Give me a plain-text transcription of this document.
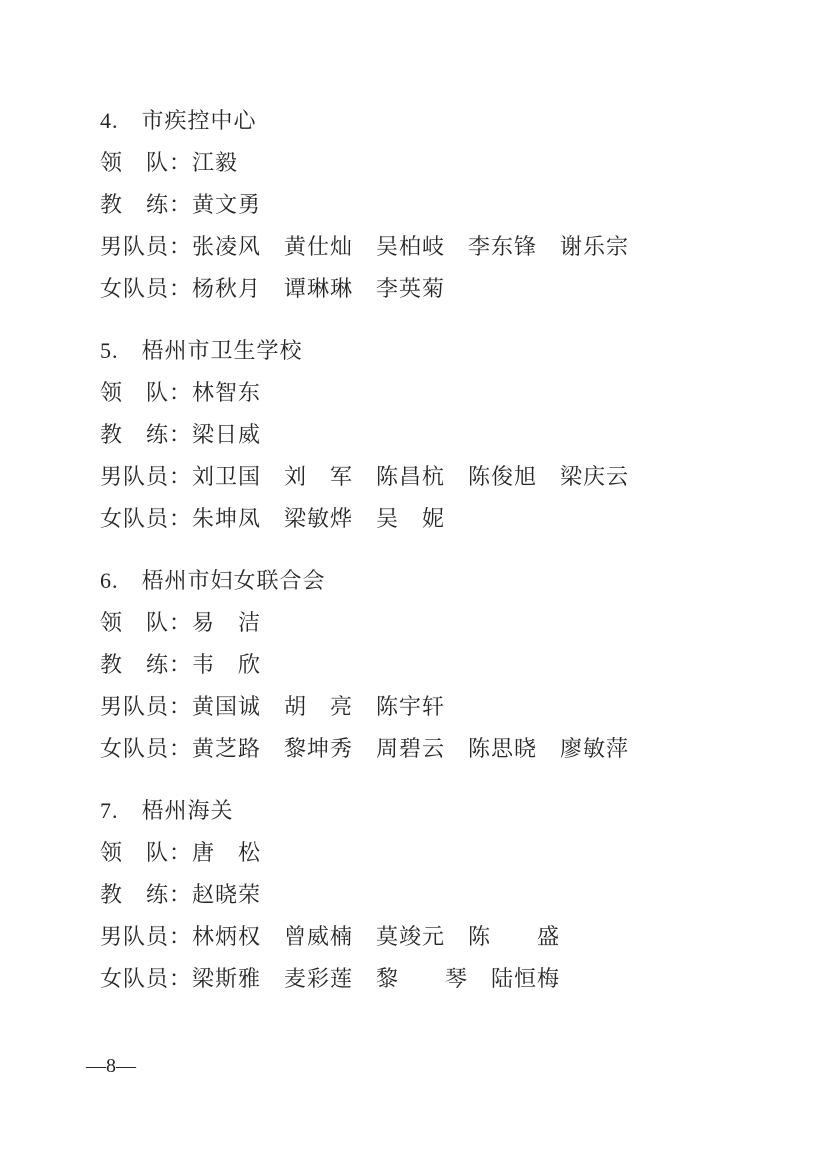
4.　市疾控中心

领　队：江毅

教　练：黄文勇

男队员：张凌风　黄仕灿　吴柏岐　李东锋　谢乐宗

女队员：杨秋月　谭琳琳　李英菊

5.　梧州市卫生学校

领　队：林智东

教　练：梁日威

男队员：刘卫国　刘　军　陈昌杭　陈俊旭　梁庆云

女队员：朱坤凤　梁敏烨　吴　妮

6.　梧州市妇女联合会

领　队：易　洁

教　练：韦　欣

男队员：黄国诚　胡　亮　陈宇轩

女队员：黄芝路　黎坤秀　周碧云　陈思晓　廖敏萍

7.　梧州海关

领　队：唐　松

教　练：赵晓荣

男队员：林炳权　曾威楠　莫竣元　陈　　盛

女队员：梁斯雅　麦彩莲　黎　　琴　陆恒梅

—8—
